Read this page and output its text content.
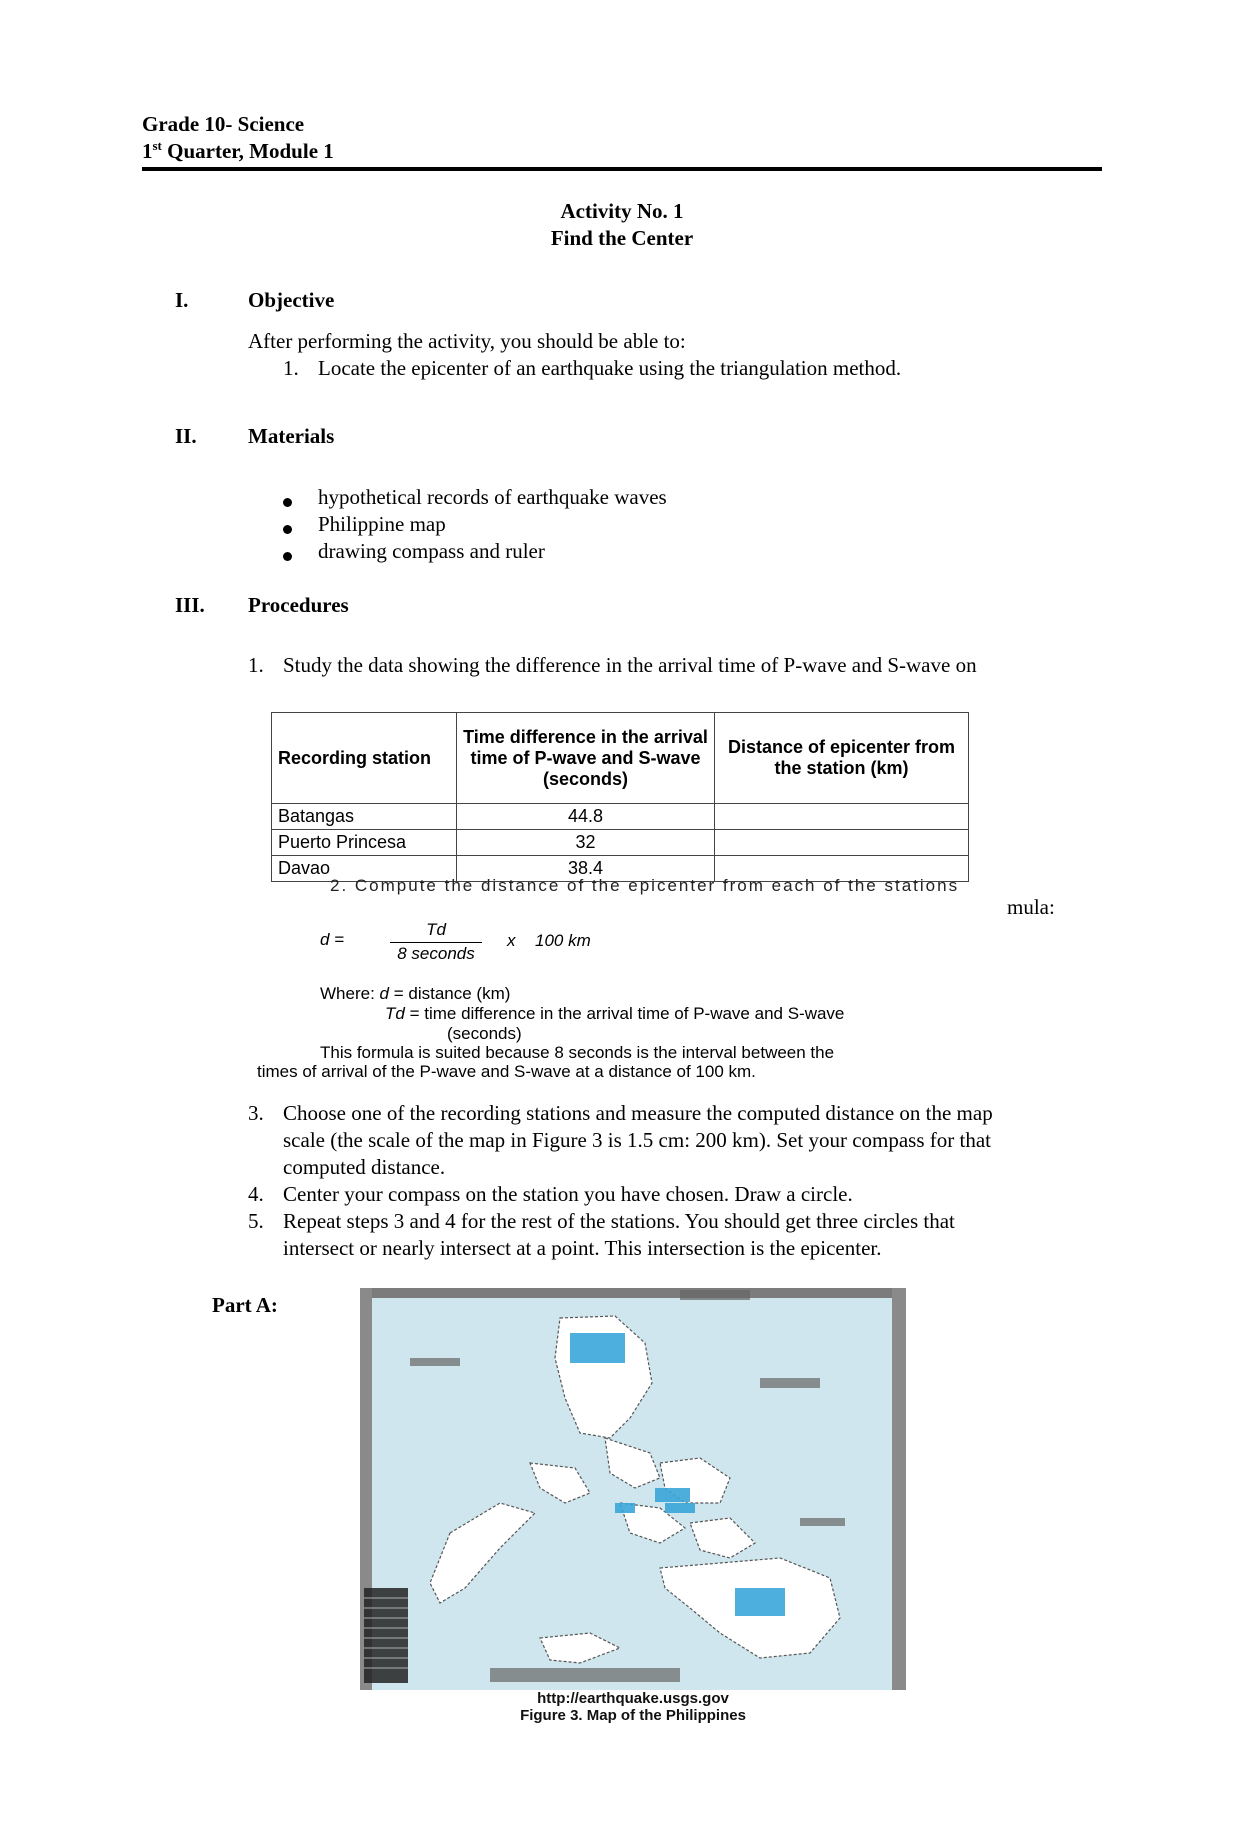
Grade 10- Science
1st Quarter, Module 1
Activity No. 1
Find the Center
I.	Objective
After performing the activity, you should be able to:
1. Locate the epicenter of an earthquake using the triangulation method.
II. Materials
hypothetical records of earthquake waves
Philippine map
drawing compass and ruler
III. Procedures
1. Study the data showing the difference in the arrival time of P-wave and S-wave on
Recording station	Time difference in the arrival time of P-wave and S-wave (seconds)	Distance of epicenter from the station (km)
Batangas	44.8	
Puerto Princesa	32	
Davao	38.4	
2. Compute the distance of the epicenter from each of the stations
mula:
d =
Td
8 seconds
x 100 km
Where: d = distance (km)
Td = time difference in the arrival time of P-wave and S-wave
(seconds)
This formula is suited because 8 seconds is the interval between the
times of arrival of the P-wave and S-wave at a distance of 100 km.
3. Choose one of the recording stations and measure the computed distance on the map
scale (the scale of the map in Figure 3 is 1.5 cm: 200 km). Set your compass for that
computed distance.
4. Center your compass on the station you have chosen. Draw a circle.
5. Repeat steps 3 and 4 for the rest of the stations. You should get three circles that
intersect or nearly intersect at a point. This intersection is the epicenter.
Part A:
http://earthquake.usgs.gov
Figure 3. Map of the Philippines
